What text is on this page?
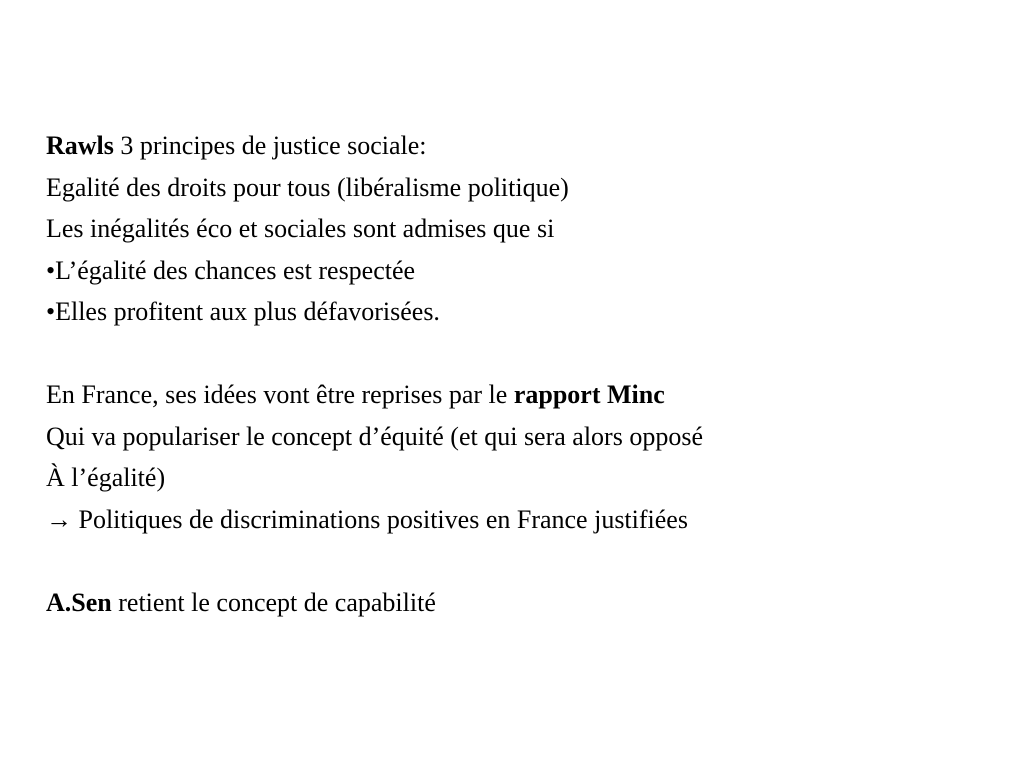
Rawls 3 principes de justice sociale:
Egalité des droits pour tous (libéralisme politique)
Les inégalités éco et sociales sont admises que si
•L’égalité des chances est respectée
•Elles profitent aux plus défavorisées.
En France, ses idées vont être reprises par le rapport Minc
Qui va populariser le concept d’équité (et qui sera alors opposé
À l’égalité)
→ Politiques de discriminations positives en France justifiées
A.Sen retient le concept de capabilité
